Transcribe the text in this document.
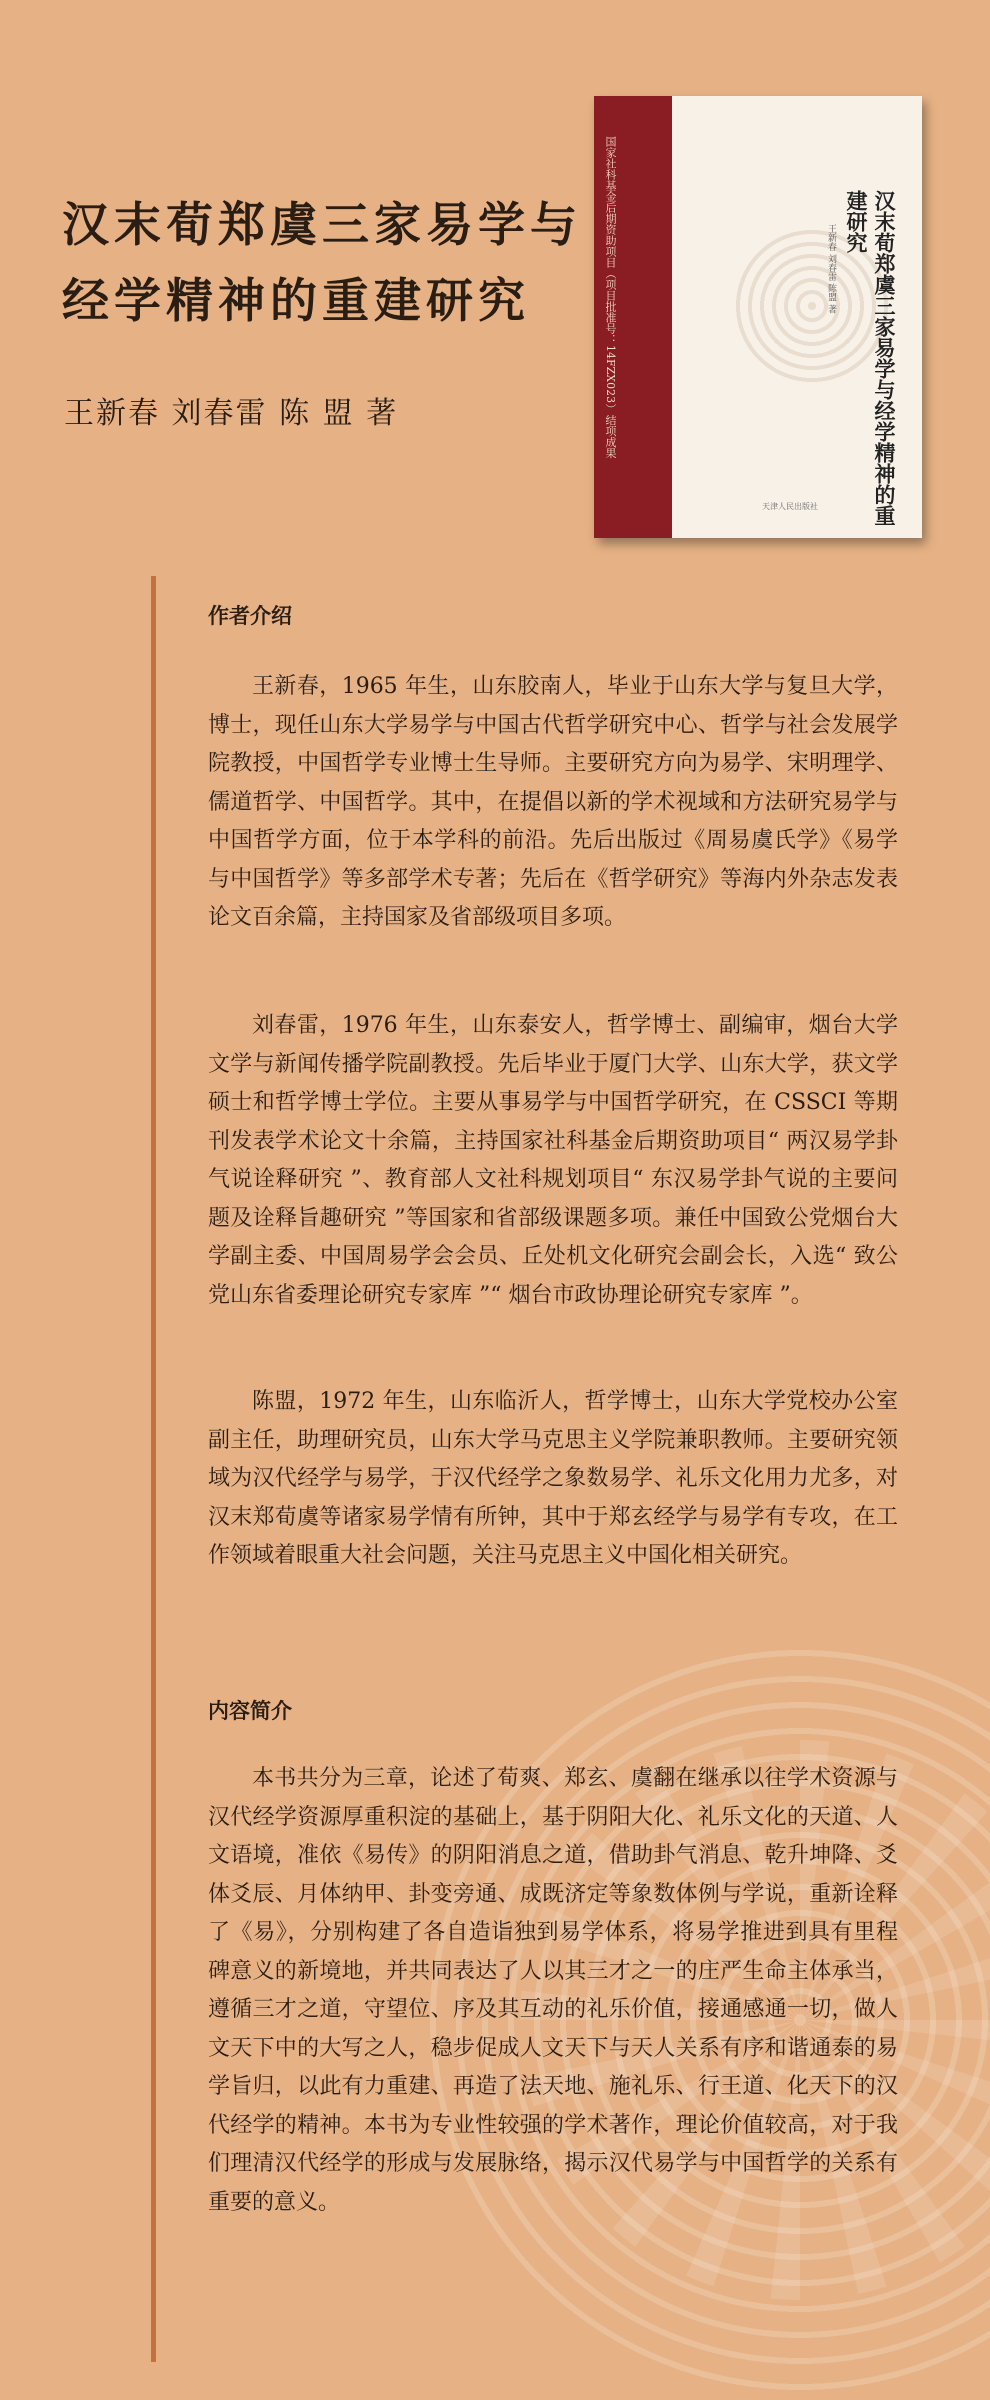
汉末荀郑虞三家易学与
经学精神的重建研究

王新春 刘春雷 陈 盟 著	国家社科基金后期资助项目（项目批准号：14FZX023）结项成果	汉末荀郑虞三家易学与经学精神的重建研究
王新春 刘春雷 陈盟 著
天津人民出版社
作者介绍

王新春，1965 年生，山东胶南人，毕业于山东大学与复旦大学，博士，现任山东大学易学与中国古代哲学研究中心、哲学与社会发展学院教授，中国哲学专业博士生导师。主要研究方向为易学、宋明理学、儒道哲学、中国哲学。其中，在提倡以新的学术视域和方法研究易学与中国哲学方面，位于本学科的前沿。先后出版过《周易虞氏学》《易学与中国哲学》等多部学术专著；先后在《哲学研究》等海内外杂志发表论文百余篇，主持国家及省部级项目多项。

刘春雷，1976 年生，山东泰安人，哲学博士、副编审，烟台大学文学与新闻传播学院副教授。先后毕业于厦门大学、山东大学，获文学硕士和哲学博士学位。主要从事易学与中国哲学研究，在 CSSCI 等期刊发表学术论文十余篇，主持国家社科基金后期资助项目“ 两汉易学卦气说诠释研究 ”、教育部人文社科规划项目“ 东汉易学卦气说的主要问题及诠释旨趣研究 ”等国家和省部级课题多项。兼任中国致公党烟台大学副主委、中国周易学会会员、丘处机文化研究会副会长，入选“ 致公党山东省委理论研究专家库 ”“ 烟台市政协理论研究专家库 ”。

陈盟，1972 年生，山东临沂人，哲学博士，山东大学党校办公室副主任，助理研究员，山东大学马克思主义学院兼职教师。主要研究领域为汉代经学与易学，于汉代经学之象数易学、礼乐文化用力尤多，对汉末郑荀虞等诸家易学情有所钟，其中于郑玄经学与易学有专攻，在工作领域着眼重大社会问题，关注马克思主义中国化相关研究。

内容简介

本书共分为三章，论述了荀爽、郑玄、虞翻在继承以往学术资源与汉代经学资源厚重积淀的基础上，基于阴阳大化、礼乐文化的天道、人文语境，准依《易传》的阴阳消息之道，借助卦气消息、乾升坤降、爻体爻辰、月体纳甲、卦变旁通、成既济定等象数体例与学说，重新诠释了《易》，分别构建了各自造诣独到易学体系，将易学推进到具有里程碑意义的新境地，并共同表达了人以其三才之一的庄严生命主体承当，遵循三才之道，守望位、序及其互动的礼乐价值，接通感通一切，做人文天下中的大写之人，稳步促成人文天下与天人关系有序和谐通泰的易学旨归，以此有力重建、再造了法天地、施礼乐、行王道、化天下的汉代经学的精神。本书为专业性较强的学术著作，理论价值较高，对于我们理清汉代经学的形成与发展脉络，揭示汉代易学与中国哲学的关系有重要的意义。
